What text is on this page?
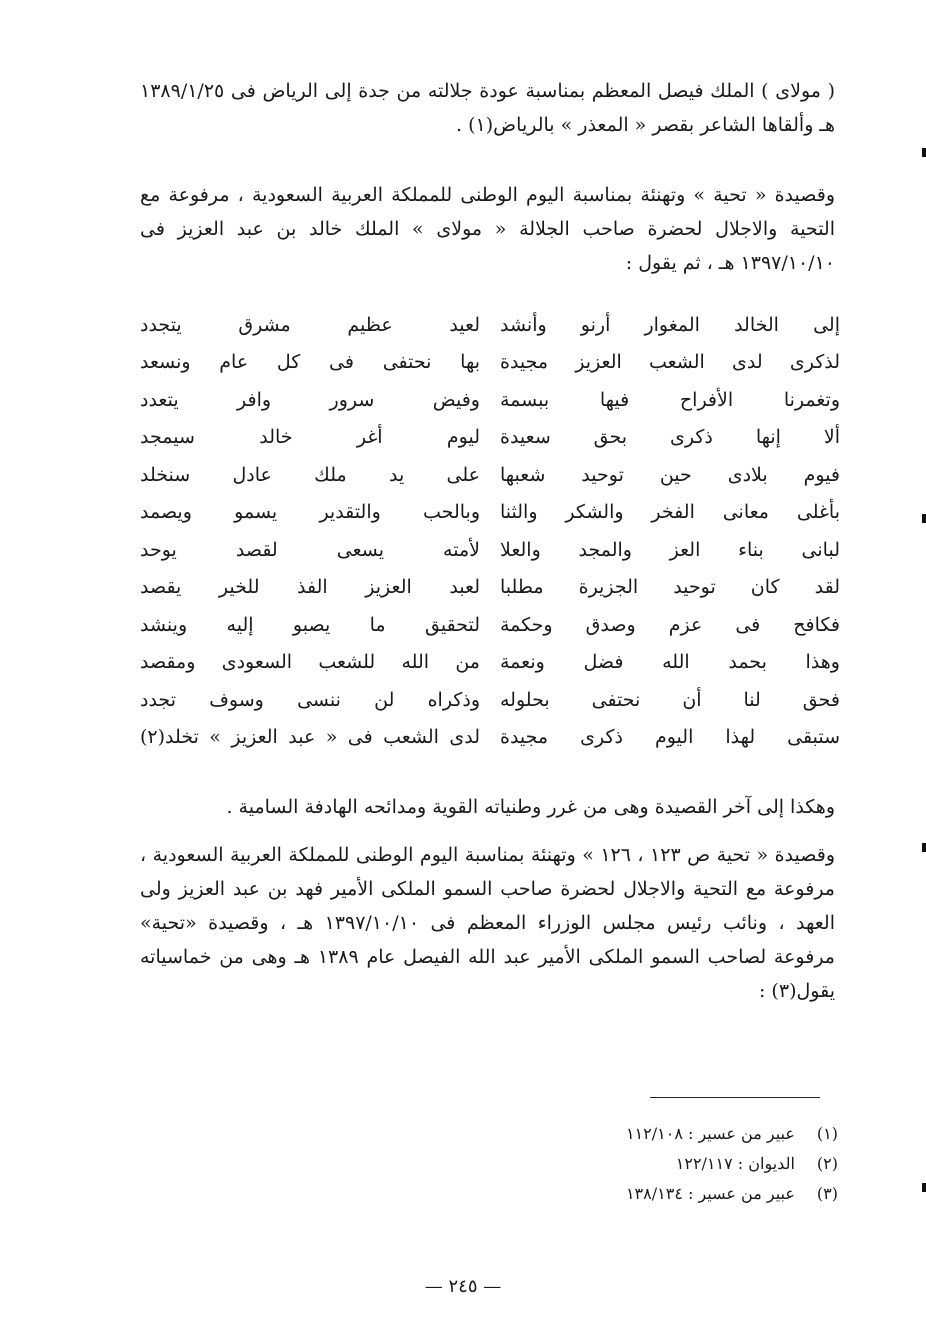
( مولاى ) الملك فيصل المعظم بمناسبة عودة جلالته من جدة إلى الرياض فى ١٣٨٩/١/٢٥ هـ وألقاها الشاعر بقصر « المعذر » بالرياض(١) .

وقصيدة « تحية » وتهنئة بمناسبة اليوم الوطنى للمملكة العربية السعودية ، مرفوعة مع التحية والاجلال لحضرة صاحب الجلالة « مولاى » الملك خالد بن عبد العزيز فى ١٣٩٧/١٠/١٠ هـ ، ثم يقول :

إلى الخالد المغوار أرنو وأنشد
لعيد عظيم مشرق يتجدد
لذكرى لدى الشعب العزيز مجيدة
بها نحتفى فى كل عام ونسعد
وتغمرنا الأفراح فيها ببسمة
وفيض سرور وافر يتعدد
ألا إنها ذكرى بحق سعيدة
ليوم أغر خالد سيمجد
فيوم بلادى حين توحيد شعبها
على يد ملك عادل سنخلد
بأغلى معانى الفخر والشكر والثنا
وبالحب والتقدير يسمو ويصمد
لبانى بناء العز والمجد والعلا
لأمته يسعى لقصد يوحد
لقد كان توحيد الجزيرة مطلبا
لعبد العزيز الفذ للخير يقصد
فكافح فى عزم وصدق وحكمة
لتحقيق ما يصبو إليه وينشد
وهذا بحمد الله فضل ونعمة
من الله للشعب السعودى ومقصد
فحق لنا أن نحتفى بحلوله
وذكراه لن ننسى وسوف تجدد
ستبقى لهذا اليوم ذكرى مجيدة
لدى الشعب فى « عبد العزيز » تخلد(٢)

وهكذا إلى آخر القصيدة وهى من غرر وطنياته القوية ومدائحه الهادفة السامية .

وقصيدة « تحية ص ١٢٣ ، ١٢٦ » وتهنئة بمناسبة اليوم الوطنى للمملكة العربية السعودية ، مرفوعة مع التحية والاجلال لحضرة صاحب السمو الملكى الأمير فهد بن عبد العزيز ولى العهد ، ونائب رئيس مجلس الوزراء المعظم فى ١٣٩٧/١٠/١٠ هـ ، وقصيدة «تحية» مرفوعة لصاحب السمو الملكى الأمير عبد الله الفيصل عام ١٣٨٩ هـ وهى من خماسياته يقول(٣) :

(١) عبير من عسير : ١١٢/١٠٨
(٢) الديوان : ١٢٢/١١٧
(٣) عبير من عسير : ١٣٨/١٣٤
— ٢٤٥ —
